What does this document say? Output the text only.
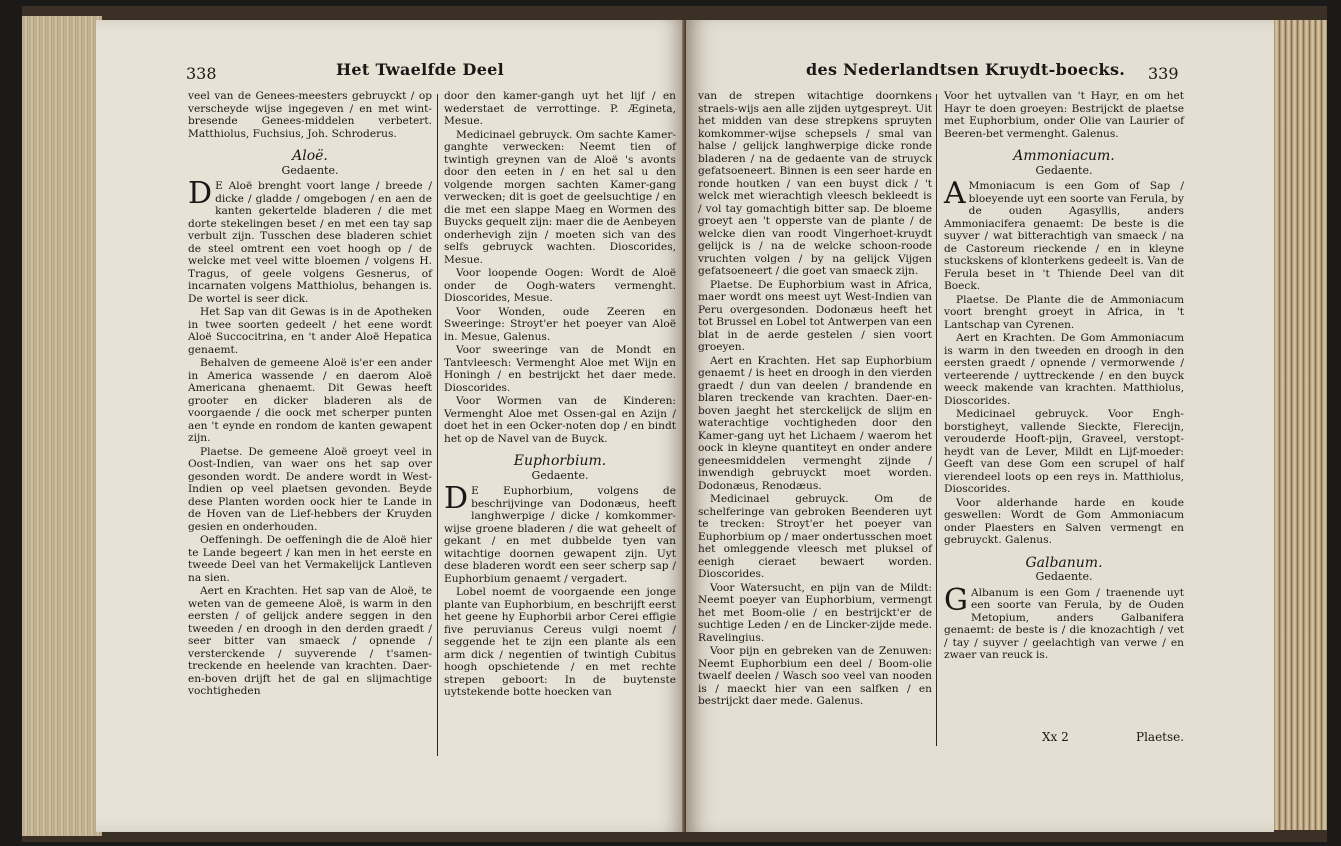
338	Het Twaelfde Deel

veel van de Genees-meesters gebruyckt / op verscheyde wijse ingegeven / en met wint-bresende Genees-middelen verbetert. Matthiolus, Fuchsius, Joh. Schroderus.

Aloë.
Gedaente.

D E Aloë brenght voort lange / breede / dicke / gladde / omgebogen / en aen de kanten gekertelde bladeren / die met dorte stekelingen beset / en met een tay sap verbult zijn. Tusschen dese bladeren schiet de steel omtrent een voet hoogh op / de welcke met veel witte bloemen / volgens H. Tragus, of geele volgens Gesnerus, of incarnaten volgens Matthiolus, behangen is. De wortel is seer dick.

Het Sap van dit Gewas is in de Apotheken in twee soorten gedeelt / het eene wordt Aloë Succocitrina, en 't ander Aloë Hepatica genaemt.

Behalven de gemeene Aloë is'er een ander in America wassende / en daerom Aloë Americana ghenaemt. Dit Gewas heeft grooter en dicker bladeren als de voorgaende / die oock met scherper punten aen 't eynde en rondom de kanten gewapent zijn.

Plaetse. De gemeene Aloë groeyt veel in Oost-Indien, van waer ons het sap over gesonden wordt. De andere wordt in West-Indien op veel plaetsen gevonden. Beyde dese Planten worden oock hier te Lande in de Hoven van de Lief-hebbers der Kruyden gesien en onderhouden.

Oeffeningh. De oeffeningh die de Aloë hier te Lande begeert / kan men in het eerste en tweede Deel van het Vermakelijck Lantleven na sien.

Aert en Krachten. Het sap van de Aloë, te weten van de gemeene Aloë, is warm in den eersten / of gelijck andere seggen in den tweeden / en droogh in den derden graedt / seer bitter van smaeck / opnende / versterckende / suyverende / t'samen-treckende en heelende van krachten. Daer-en-boven drijft het de gal en slijmachtige vochtigheden

door den kamer-gangh uyt het lijf / en wederstaet de verrottinge. P. Ægineta, Mesue.

Medicinael gebruyck. Om sachte Kamer-ganghte verwecken: Neemt tien of twintigh greynen van de Aloë 's avonts door den eeten in / en het sal u den volgende morgen sachten Kamer-gang verwecken; dit is goet de geelsuchtige / en die met een slappe Maeg en Wormen des Buycks gequelt zijn: maer die de Aenbeyen onderhevigh zijn / moeten sich van des selfs gebruyck wachten. Dioscorides, Mesue.

Voor loopende Oogen: Wordt de Aloë onder de Oogh-waters vermenght. Dioscorides, Mesue.

Voor Wonden, oude Zeeren en Sweeringe: Stroyt'er het poeyer van Aloë in. Mesue, Galenus.

Voor sweeringe van de Mondt en Tantvleesch: Vermenght Aloe met Wijn en Honingh / en bestrijckt het daer mede. Dioscorides.

Voor Wormen van de Kinderen: Vermenght Aloe met Ossen-gal en Azijn / doet het in een Ocker-noten dop / en bindt het op de Navel van de Buyck.

Euphorbium.
Gedaente.

D E Euphorbium, volgens de beschrijvinge van Dodonæus, heeft langhwerpige / dicke / komkommer-wijse groene bladeren / die wat geheelt of gekant / en met dubbelde tyen van witachtige doornen gewapent zijn. Uyt dese bladeren wordt een seer scherp sap / Euphorbium genaemt / vergadert.

Lobel noemt de voorgaende een jonge plante van Euphorbium, en beschrijft eerst het geene hy Euphorbii arbor Cerei effigie five peruvianus Cereus vulgi noemt / seggende het te zijn een plante als een arm dick / negentien of twintigh Cubitus hoogh opschietende / en met rechte strepen geboort: In de buytenste uytstekende botte hoecken van

des Nederlandtsen Kruydt-boecks. 339

van de strepen witachtige doornkens straels-wijs aen alle zijden uytgespreyt. Uit het midden van dese strepkens spruyten komkommer-wijse schepsels / smal van halse / gelijck langhwerpige dicke ronde bladeren / na de gedaente van de struyck gefatsoeneert. Binnen is een seer harde en ronde houtken / van een buyst dick / 't welck met wierachtigh vleesch bekleedt is / vol tay gomachtigh bitter sap. De bloeme groeyt aen 't opperste van de plante / de welcke dien van roodt Vingerhoet-kruydt gelijck is / na de welcke schoon-roode vruchten volgen / by na gelijck Vijgen gefatsoeneert / die goet van smaeck zijn.

Plaetse. De Euphorbium wast in Africa, maer wordt ons meest uyt West-Indien van Peru overgesonden. Dodonæus heeft het tot Brussel en Lobel tot Antwerpen van een blat in de aerde gestelen / sien voort groeyen.

Aert en Krachten. Het sap Euphorbium genaemt / is heet en droogh in den vierden graedt / dun van deelen / brandende en blaren treckende van krachten. Daer-en-boven jaeght het sterckelijck de slijm en waterachtige vochtigheden door den Kamer-gang uyt het Lichaem / waerom het oock in kleyne quantiteyt en onder andere geneesmiddelen vermenght zijnde / inwendigh gebruyckt moet worden. Dodonæus, Renodæus.

Medicinael gebruyck. Om de schelferinge van gebroken Beenderen uyt te trecken: Stroyt'er het poeyer van Euphorbium op / maer ondertusschen moet het omleggende vleesch met pluksel of eenigh cieraet bewaert worden. Dioscorides.

Voor Watersucht, en pijn van de Mildt: Neemt poeyer van Euphorbium, vermengt het met Boom-olie / en bestrijckt'er de suchtige Leden / en de Lincker-zijde mede. Ravelingius.

Voor pijn en gebreken van de Zenuwen: Neemt Euphorbium een deel / Boom-olie twaelf deelen / Wasch soo veel van nooden is / maeckt hier van een salfken / en bestrijckt daer mede. Galenus.

Voor het uytvallen van 't Hayr, en om het Hayr te doen groeyen: Bestrijckt de plaetse met Euphorbium, onder Olie van Laurier of Beeren-bet vermenght. Galenus.

Ammoniacum.
Gedaente.

A Mmoniacum is een Gom of Sap / bloeyende uyt een soorte van Ferula, by de ouden Agasyllis, anders Ammoniacifera genaemt: De beste is die suyver / wat bitterachtigh van smaeck / na de Castoreum rieckende / en in kleyne stuckskens of klonterkens gedeelt is. Van de Ferula beset in 't Thiende Deel van dit Boeck.

Plaetse. De Plante die de Ammoniacum voort brenght groeyt in Africa, in 't Lantschap van Cyrenen.

Aert en Krachten. De Gom Ammoniacum is warm in den tweeden en droogh in den eersten graedt / opnende / vermorwende / verteerende / uyttreckende / en den buyck weeck makende van krachten. Matthiolus, Dioscorides.

Medicinael gebruyck. Voor Engh-borstigheyt, vallende Sieckte, Flerecijn, verouderde Hooft-pijn, Graveel, verstopt-heydt van de Lever, Mildt en Lijf-moeder: Geeft van dese Gom een scrupel of half vierendeel loots op een reys in. Matthiolus, Dioscorides.

Voor alderhande harde en koude geswellen: Wordt de Gom Ammoniacum onder Plaesters en Salven vermengt en gebruyckt. Galenus.

Galbanum.
Gedaente.

G Albanum is een Gom / traenende uyt een soorte van Ferula, by de Ouden Metopium, anders Galbanifera genaemt: de beste is / die knozachtigh / vet / tay / suyver / geelachtigh van verwe / en zwaer van reuck is.

Xx 2	Plaetse.
